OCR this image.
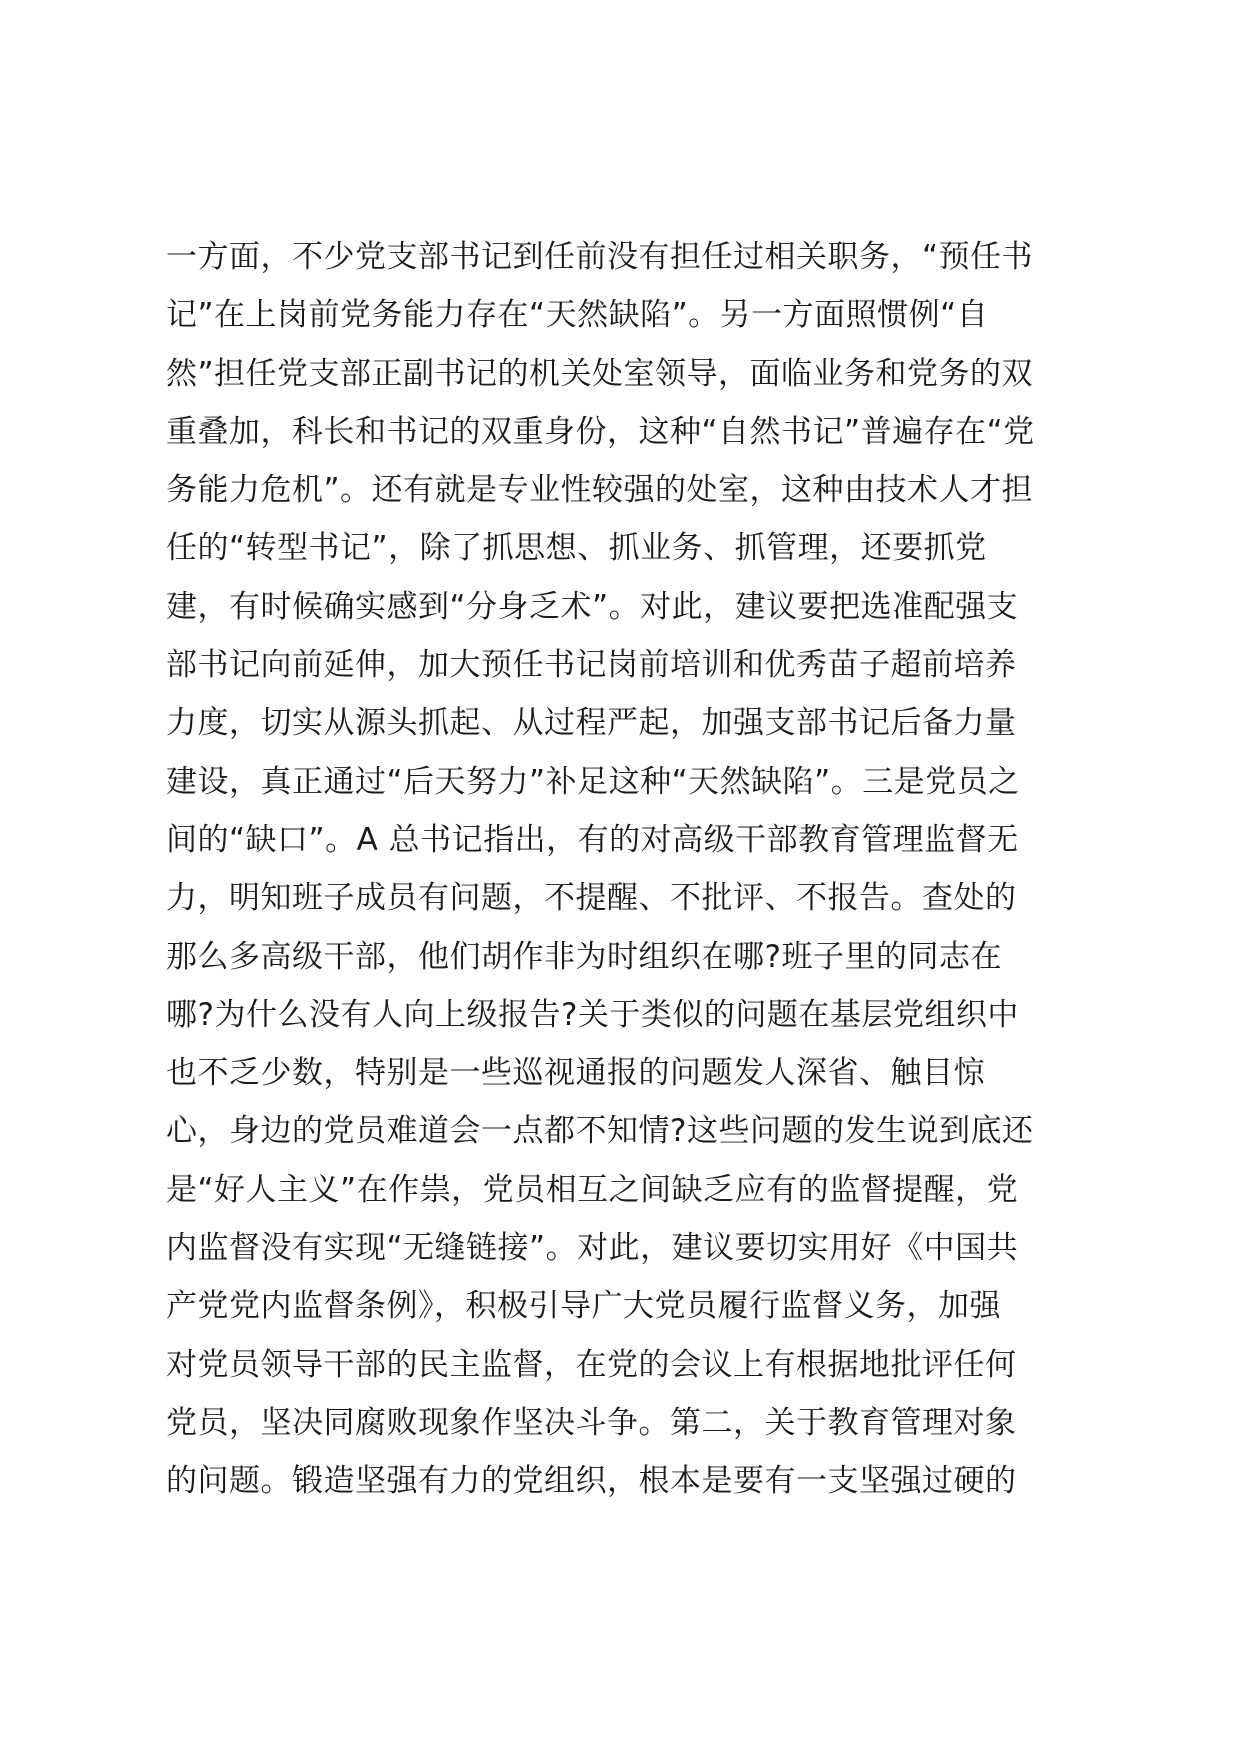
一方面，不少党支部书记到任前没有担任过相关职务，“预任书
记”在上岗前党务能力存在“天然缺陷”。另一方面照惯例“自
然”担任党支部正副书记的机关处室领导，面临业务和党务的双
重叠加，科长和书记的双重身份，这种“自然书记”普遍存在“党
务能力危机”。还有就是专业性较强的处室，这种由技术人才担
任的“转型书记”，除了抓思想、抓业务、抓管理，还要抓党
建，有时候确实感到“分身乏术”。对此，建议要把选准配强支
部书记向前延伸，加大预任书记岗前培训和优秀苗子超前培养
力度，切实从源头抓起、从过程严起，加强支部书记后备力量
建设，真正通过“后天努力”补足这种“天然缺陷”。三是党员之
间的“缺口”。A 总书记指出，有的对高级干部教育管理监督无
力，明知班子成员有问题，不提醒、不批评、不报告。查处的
那么多高级干部，他们胡作非为时组织在哪?班子里的同志在
哪?为什么没有人向上级报告?关于类似的问题在基层党组织中
也不乏少数，特别是一些巡视通报的问题发人深省、触目惊
心，身边的党员难道会一点都不知情?这些问题的发生说到底还
是“好人主义”在作祟，党员相互之间缺乏应有的监督提醒，党
内监督没有实现“无缝链接”。对此，建议要切实用好《中国共
产党党内监督条例》，积极引导广大党员履行监督义务，加强
对党员领导干部的民主监督，在党的会议上有根据地批评任何
党员，坚决同腐败现象作坚决斗争。第二，关于教育管理对象
的问题。锻造坚强有力的党组织，根本是要有一支坚强过硬的
